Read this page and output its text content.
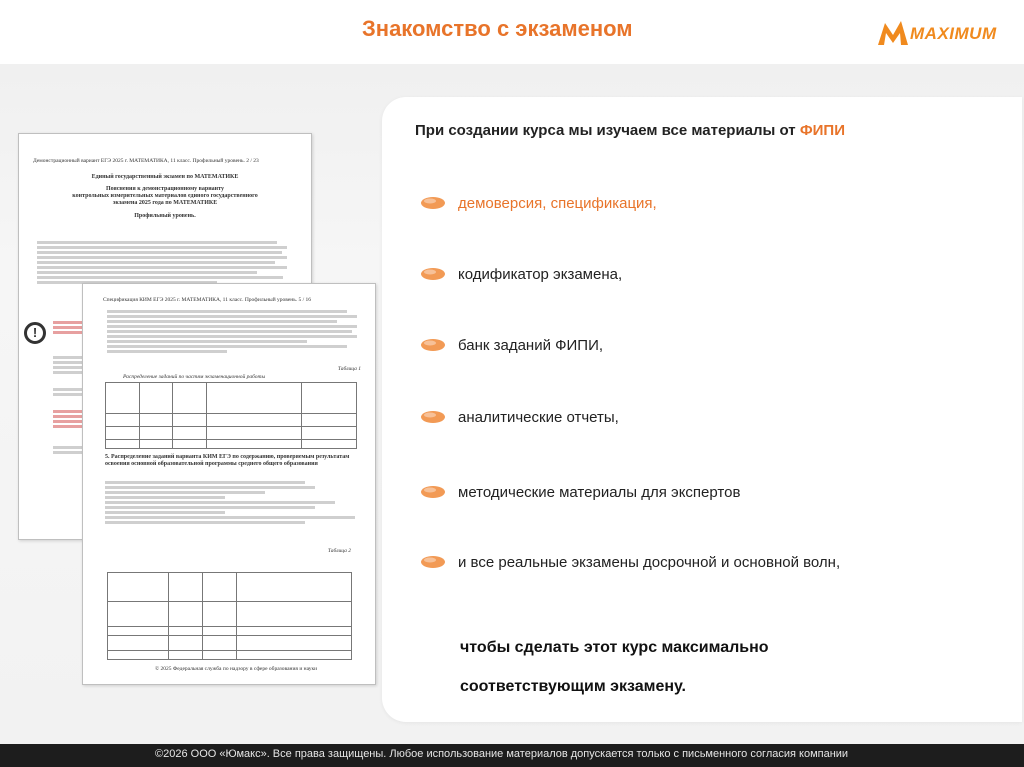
Знакомство с экзаменом	MAXIMUM
Демонстрационный вариант ЕГЭ 2025 г. МАТЕМАТИКА, 11 класс. Профильный уровень. 2 / 23
Единый государственный экзамен по МАТЕМАТИКЕ
Пояснения к демонстрационному варианту
контрольных измерительных материалов единого государственного
экзамена 2025 года по МАТЕМАТИКЕ
Профильный уровень.
!
Спецификация КИМ ЕГЭ 2025 г. МАТЕМАТИКА, 11 класс. Профильный уровень. 5 / 16
Таблица 1
Распределение заданий по частям экзаменационной работы

5. Распределение заданий варианта КИМ ЕГЭ по содержанию, проверяемым результатам освоения основной образовательной программы среднего общего образования
Таблица 2

© 2025 Федеральная служба по надзору в сфере образования и науки
При создании курса мы изучаем все материалы от ФИПИ
демоверсия, спецификация,
кодификатор экзамена,
банк заданий ФИПИ,
аналитические отчеты,
методические материалы для экспертов
и все реальные экзамены досрочной и основной волн,
чтобы сделать этот курс максимально
соответствующим экзамену.
©2026 ООО «Юмакс». Все права защищены. Любое использование материалов допускается только с письменного согласия компании
